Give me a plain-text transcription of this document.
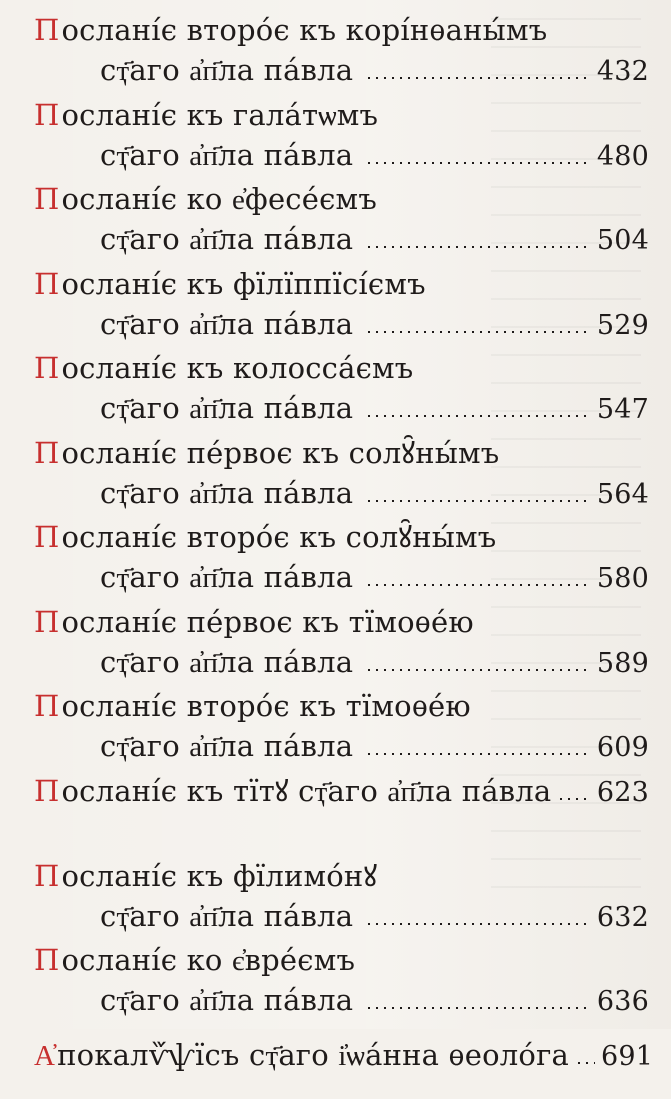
Послані́є второ́є къ корі́нѳаны́мъ
сҭ҃аго а҆п҃ла па́вла	432
Послані́є къ гала́тѡмъ
сҭ҃аго а҆п҃ла па́вла	480
Послані́є ко е҆фесе́ємъ
сҭ҃аго а҆п҃ла па́вла	504
Послані́є къ фїлїппїсі́ємъ
сҭ҃аго а҆п҃ла па́вла	529
Послані́є къ колосса́ємъ
сҭ҃аго а҆п҃ла па́вла	547
Послані́є пе́рвоє къ солꙋ̑ны́мъ
сҭ҃аго а҆п҃ла па́вла	564
Послані́є второ́є къ солꙋ̑ны́мъ
сҭ҃аго а҆п҃ла па́вла	580
Послані́є пе́рвоє къ тїмоѳе́ю
сҭ҃аго а҆п҃ла па́вла	589
Послані́є второ́є къ тїмоѳе́ю
сҭ҃аго а҆п҃ла па́вла	609
П ослані́є къ тїтꙋ сҭ҃аго а҆п҃ла па́вла 623
Послані́є къ фїлимо́нꙋ
сҭ҃аго а҆п҃ла па́вла	632
Послані́є ко є҆вре́ємъ
сҭ҃аго а҆п҃ла па́вла	636
А҆ покалѷ́ѱїсъ сҭ҃аго і҆ѡа́нна ѳеоло́га 691
